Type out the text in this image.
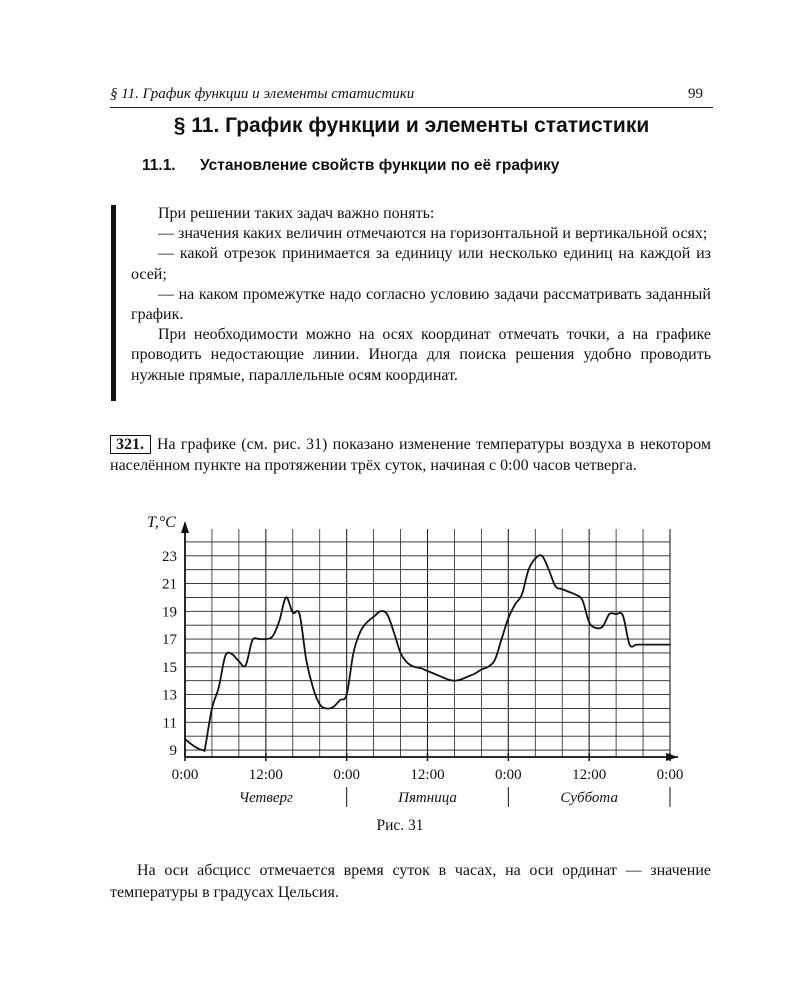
§ 11. График функции и элементы статистики	99
§ 11. График функции и элементы статистики
11.1. Установление свойств функции по её графику

При решении таких задач важно понять:

— значения каких величин отмечаются на горизонтальной и вертикальной осях;

— какой отрезок принимается за единицу или несколько единиц на каждой из осей;

— на каком промежутке надо согласно условию задачи рассматривать заданный график.

При необходимости можно на осях координат отмечать точки, а на графике проводить недостающие линии. Иногда для поиска решения удобно проводить нужные прямые, параллельные осям координат.

321. На графике (см. рис. 31) показано изменение температуры воздуха в некотором населённом пункте на протяжении трёх суток, начиная с 0:00 часов четверга.
9
11
13
15
17
19
21
23
0:00	12:00	0:00	12:00	0:00	12:00	0:00
Четверг	Пятница	Суббота
T,°C
Рис. 31
На оси абсцисс отмечается время суток в часах, на оси ординат — значение температуры в градусах Цельсия.
